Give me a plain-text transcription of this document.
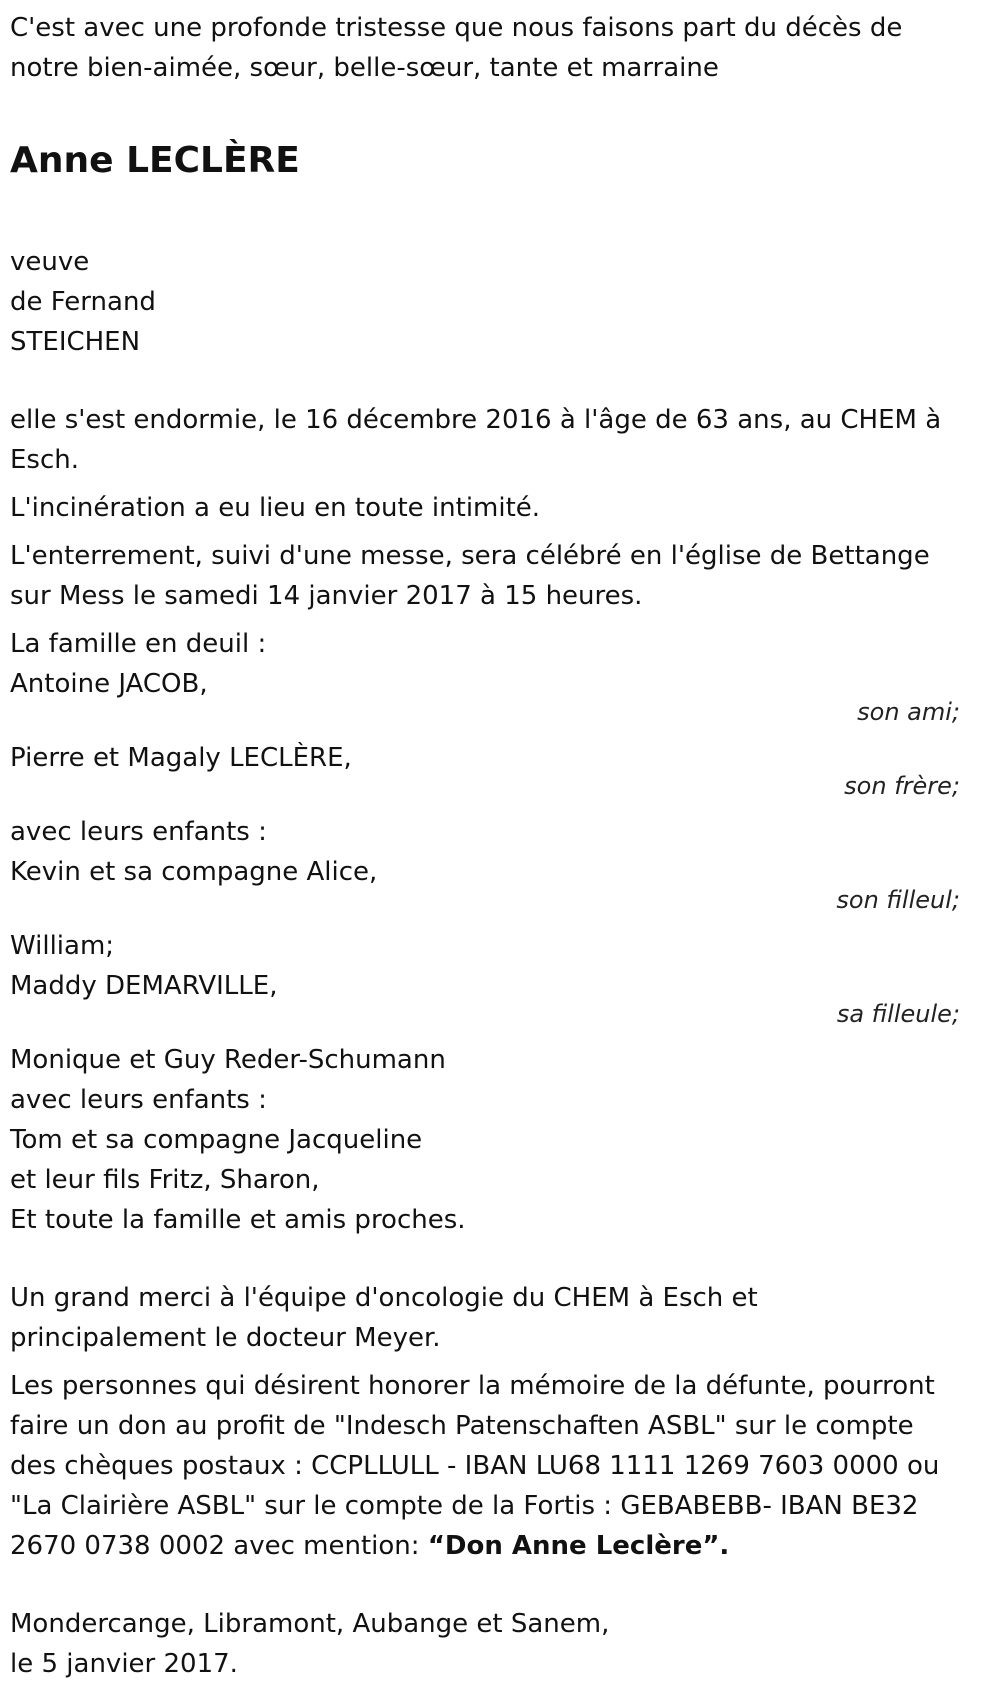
C'est avec une profonde tristesse que nous faisons part du décès de notre bien-aimée, sœur, belle-sœur, tante et marraine

Anne LECLÈRE

veuve

de Fernand

STEICHEN

elle s'est endormie, le 16 décembre 2016 à l'âge de 63 ans, au CHEM à Esch.

L'incinération a eu lieu en toute intimité.

L'enterrement, suivi d'une messe, sera célébré en l'église de Bettange sur Mess le samedi 14 janvier 2017 à 15 heures.

La famille en deuil :

Antoine JACOB,

son ami;

Pierre et Magaly LECLÈRE,

son frère;

avec leurs enfants :

Kevin et sa compagne Alice,

son filleul;

William;

Maddy DEMARVILLE,

sa filleule;

Monique et Guy Reder-Schumann

avec leurs enfants :

Tom et sa compagne Jacqueline

et leur fils Fritz, Sharon,

Et toute la famille et amis proches.

Un grand merci à l'équipe d'oncologie du CHEM à Esch et principalement le docteur Meyer.

Les personnes qui désirent honorer la mémoire de la défunte, pourront faire un don au profit de "Indesch Patenschaften ASBL" sur le compte des chèques postaux : CCPLLULL - IBAN LU68 1111 1269 7603 0000 ou "La Clairière ASBL" sur le compte de la Fortis : GEBABEBB- IBAN BE32 2670 0738 0002 avec mention: “Don Anne Leclère”.

Mondercange, Libramont, Aubange et Sanem,

le 5 janvier 2017.
